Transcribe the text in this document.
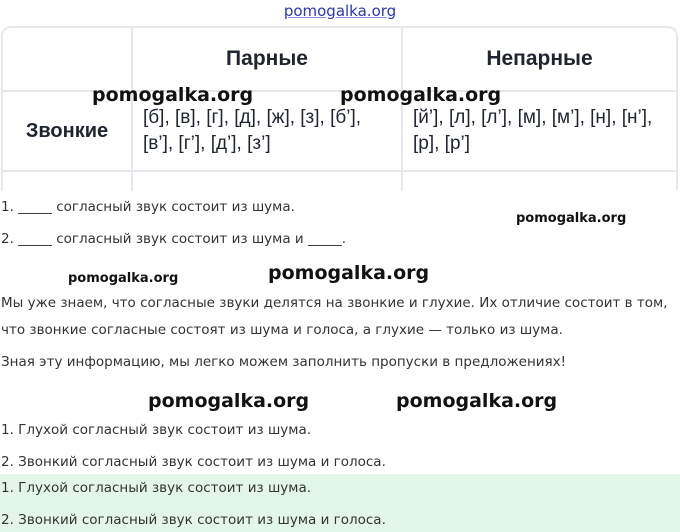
pomogalka.org
	Парные	Непарные
Звонкие	[б], [в], [г], [д], [ж], [з], [б’], [в’], [г’], [д’], [з’]	[й’], [л], [л’], [м], [м’], [н], [н’], [р], [р’]

pomogalka.org	pomogalka.org
1. _____ согласный звук состоит из шума.
pomogalka.org
2. _____ согласный звук состоит из шума и _____.
pomogalka.org	pomogalka.org
Мы уже знаем, что согласные звуки делятся на звонкие и глухие. Их отличие состоит в том, что звонкие согласные состоят из шума и голоса, а глухие — только из шума.
Зная эту информацию, мы легко можем заполнить пропуски в предложениях!
pomogalka.org	pomogalka.org
1. Глухой согласный звук состоит из шума.
2. Звонкий согласный звук состоит из шума и голоса.
1. Глухой согласный звук состоит из шума.
2. Звонкий согласный звук состоит из шума и голоса.
